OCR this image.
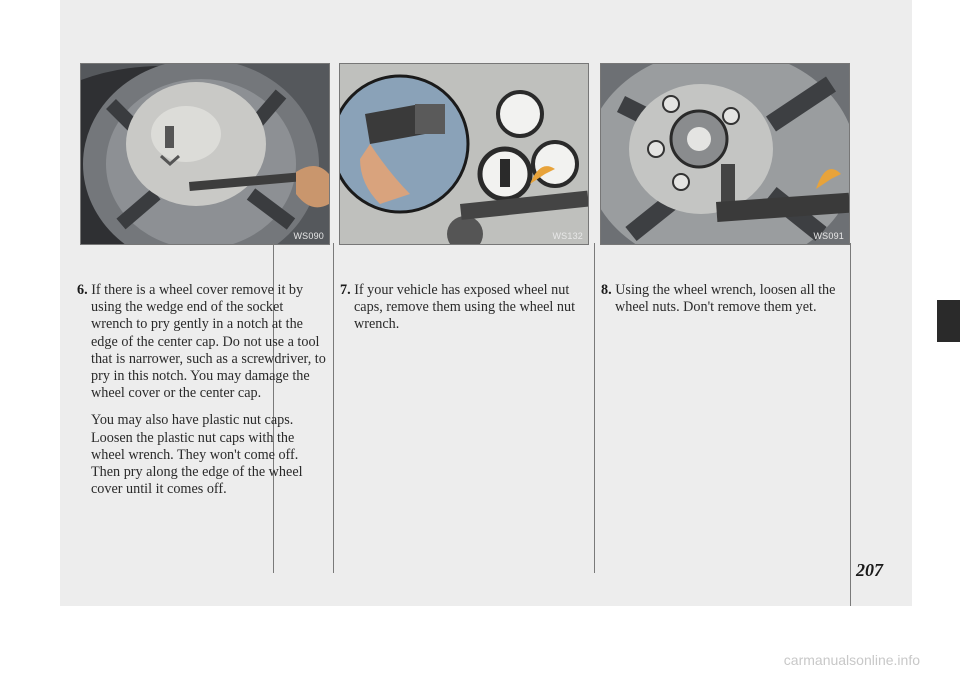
WS090	WS132	WS091

6. If there is a wheel cover remove it by using the wedge end of the socket wrench to pry gently in a notch at the edge of the center cap. Do not use a tool that is narrower, such as a screwdriver, to pry in this notch. You may damage the wheel cover or the center cap.

You may also have plastic nut caps. Loosen the plastic nut caps with the wheel wrench. They won't come off. Then pry along the edge of the wheel cover until it comes off.

7. If your vehicle has exposed wheel nut caps, remove them using the wheel nut wrench.

8. Using the wheel wrench, loosen all the wheel nuts. Don't remove them yet.

207
carmanualsonline.info
